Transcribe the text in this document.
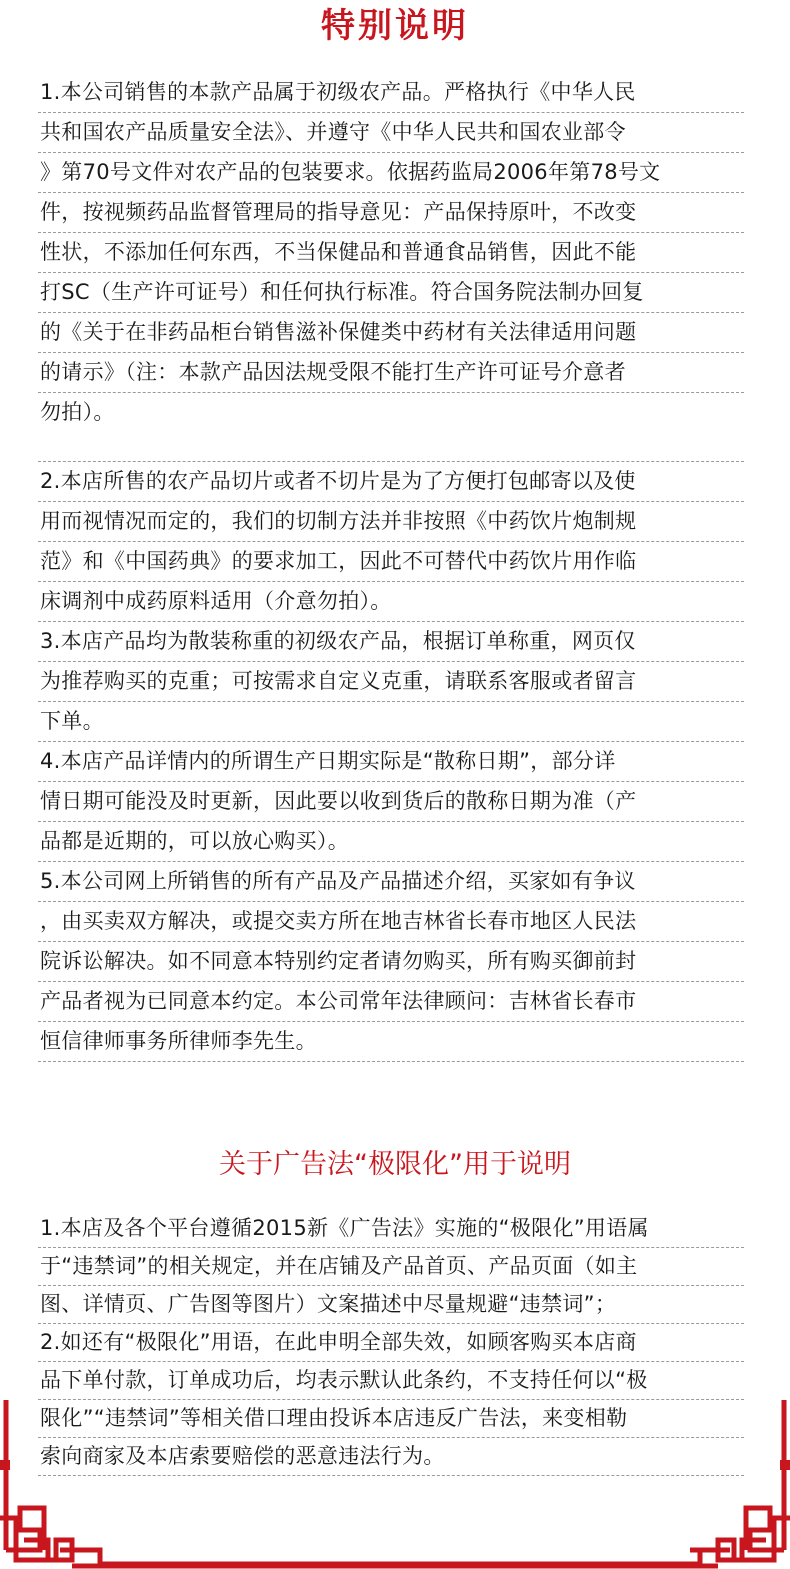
特别说明
1.本公司销售的本款产品属于初级农产品。严格执行《中华人民
共和国农产品质量安全法》、并遵守《中华人民共和国农业部令
》第70号文件对农产品的包装要求。依据药监局2006年第78号文
件，按视频药品监督管理局的指导意见：产品保持原叶，不改变
性状，不添加任何东西，不当保健品和普通食品销售，因此不能
打SC（生产许可证号）和任何执行标准。符合国务院法制办回复
的《关于在非药品柜台销售滋补保健类中药材有关法律适用问题
的请示》（注：本款产品因法规受限不能打生产许可证号介意者
勿拍）。
2.本店所售的农产品切片或者不切片是为了方便打包邮寄以及使
用而视情况而定的，我们的切制方法并非按照《中药饮片炮制规
范》和《中国药典》的要求加工，因此不可替代中药饮片用作临
床调剂中成药原料适用（介意勿拍）。
3.本店产品均为散装称重的初级农产品，根据订单称重，网页仅
为推荐购买的克重；可按需求自定义克重，请联系客服或者留言
下单。
4.本店产品详情内的所谓生产日期实际是“散称日期”，部分详
情日期可能没及时更新，因此要以收到货后的散称日期为准（产
品都是近期的，可以放心购买）。
5.本公司网上所销售的所有产品及产品描述介绍，买家如有争议
，由买卖双方解决，或提交卖方所在地吉林省长春市地区人民法
院诉讼解决。如不同意本特别约定者请勿购买，所有购买御前封
产品者视为已同意本约定。本公司常年法律顾问：吉林省长春市
恒信律师事务所律师李先生。
关于广告法“极限化”用于说明
1.本店及各个平台遵循2015新《广告法》实施的“极限化”用语属
于“违禁词”的相关规定，并在店铺及产品首页、产品页面（如主
图、详情页、广告图等图片）文案描述中尽量规避“违禁词”；
2.如还有“极限化”用语，在此申明全部失效，如顾客购买本店商
品下单付款，订单成功后，均表示默认此条约，不支持任何以“极
限化”“违禁词”等相关借口理由投诉本店违反广告法，来变相勒
索向商家及本店索要赔偿的恶意违法行为。
